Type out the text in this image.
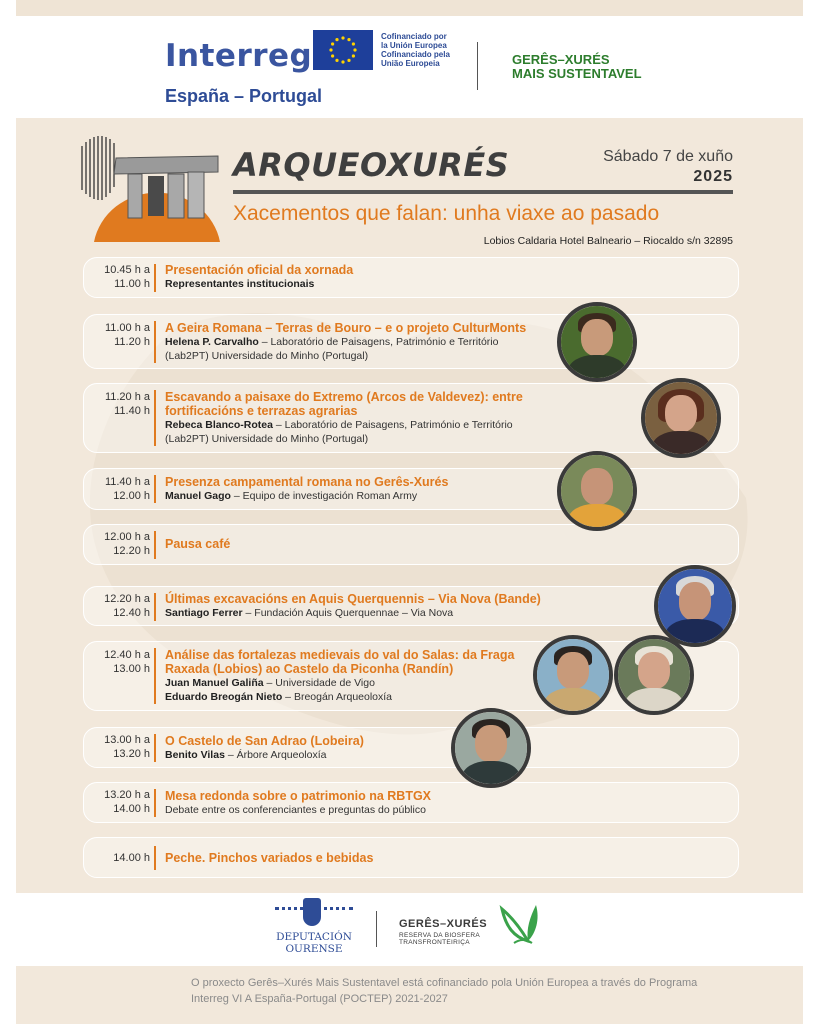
Interreg
España – Portugal
Cofinanciado por
la Unión Europea
Cofinanciado pela
União Europeia	GERÊS–XURÉS
MAIS SUSTENTAVEL
ARQUEOXURÉS	Sábado 7 de xuño
2025
Xacementos que falan: unha viaxe ao pasado
Lobios Caldaria Hotel Balneario – Riocaldo s/n 32895
10.45 h a
11.00 h
Presentación oficial da xornada
Representantes institucionais
11.00 h a
11.20 h
A Geira Romana – Terras de Bouro – e o projeto CulturMonts
Helena P. Carvalho – Laboratório de Paisagens, Património e Território
(Lab2PT) Universidade do Minho (Portugal)
11.20 h a
11.40 h
Escavando a paisaxe do Extremo (Arcos de Valdevez): entre
fortificacións e terrazas agrarias
Rebeca Blanco-Rotea – Laboratório de Paisagens, Património e Território
(Lab2PT) Universidade do Minho (Portugal)
11.40 h a
12.00 h
Presenza campamental romana no Gerês-Xurés
Manuel Gago – Equipo de investigación Roman Army
12.00 h a
12.20 h Pausa café
12.20 h a
12.40 h
Últimas excavacións en Aquis Querquennis – Via Nova (Bande)
Santiago Ferrer – Fundación Aquis Querquennae – Via Nova
12.40 h a
13.00 h
Análise das fortalezas medievais do val do Salas: da Fraga
Raxada (Lobios) ao Castelo da Piconha (Randín)
Juan Manuel Galiña – Universidade de Vigo
Eduardo Breogán Nieto – Breogán Arqueoloxía
13.00 h a
13.20 h
O Castelo de San Adrao (Lobeira)
Benito Vilas – Árbore Arqueoloxía
13.20 h a
14.00 h
Mesa redonda sobre o patrimonio na RBTGX
Debate entre os conferenciantes e preguntas do público
14.00 h Peche. Pinchos variados e bebidas
DEPUTACIÓN
OURENSE
GERÊS–XURÉS
RESERVA DA BIOSFERA
TRANSFRONTEIRIÇA

O proxecto Gerês–Xurés Mais Sustentavel está cofinanciado pola Unión Europea a través do Programa Interreg VI A España-Portugal (POCTEP) 2021-2027
